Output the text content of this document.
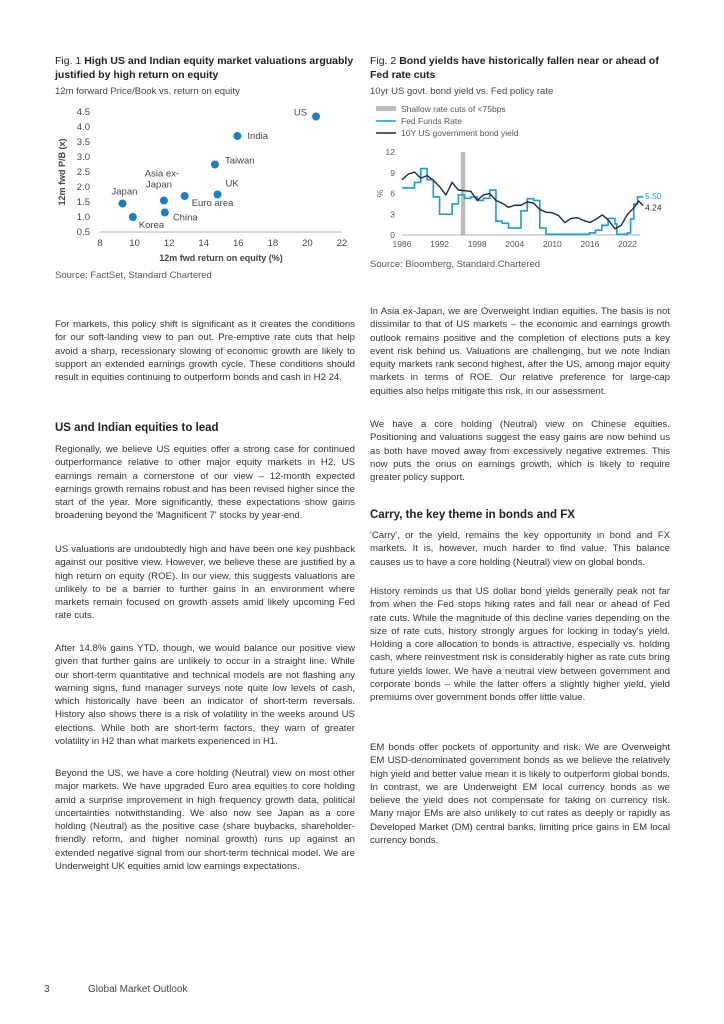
Fig. 1 High US and Indian equity market valuations arguably justified by high return on equity
12m forward Price/Book vs. return on equity
4.5
4.0
3.5
3.0
2.5
2.0
1.5
1.0
0.5
8	10	12	14	16	18	20	22
12m fwd return on equity (%)
12m fwd P/B (x)
US
India
Taiwan
Asia ex-Japan	UK
Japan
Euro area
Korea
China
Source: FactSet, Standard Chartered

For markets, this policy shift is significant as it creates the conditions for our soft-landing view to pan out. Pre-emptive rate cuts that help avoid a sharp, recessionary slowing of economic growth are likely to support an extended earnings growth cycle. These conditions should result in equities continuing to outperform bonds and cash in H2 24.

US and Indian equities to lead

Regionally, we believe US equities offer a strong case for continued outperformance relative to other major equity markets in H2. US earnings remain a cornerstone of our view – 12-month expected earnings growth remains robust and has been revised higher since the start of the year. More significantly, these expectations show gains broadening beyond the 'Magnificent 7' stocks by year-end.

US valuations are undoubtedly high and have been one key pushback against our positive view. However, we believe these are justified by a high return on equity (ROE). In our view, this suggests valuations are unlikely to be a barrier to further gains in an environment where markets remain focused on growth assets amid likely upcoming Fed rate cuts.

After 14.8% gains YTD, though, we would balance our positive view given that further gains are unlikely to occur in a straight line. While our short-term quantitative and technical models are not flashing any warning signs, fund manager surveys note quite low levels of cash, which historically have been an indicator of short-term reversals. History also shows there is a risk of volatility in the weeks around US elections. While both are short-term factors, they warn of greater volatility in H2 than what markets experienced in H1.

Beyond the US, we have a core holding (Neutral) view on most other major markets. We have upgraded Euro area equities to core holding amid a surprise improvement in high frequency growth data, political uncertainties notwithstanding. We also now see Japan as a core holding (Neutral) as the positive case (share buybacks, shareholder-friendly reform, and higher nominal growth) runs up against an extended negative signal from our short-term technical model. We are Underweight UK equities amid low earnings expectations.

Fig. 2 Bond yields have historically fallen near or ahead of Fed rate cuts
10yr US govt. bond yield vs. Fed policy rate
Shallow rate cuts of <75bps
Fed Funds Rate
10Y US government bond yield
12
9
6
3
0
1986 1992 1998 2004 2010 2016 2022
%	5.50
4.24
Source: Bloomberg, Standard Chartered

In Asia ex-Japan, we are Overweight Indian equities. The basis is not dissimilar to that of US markets – the economic and earnings growth outlook remains positive and the completion of elections puts a key event risk behind us. Valuations are challenging, but we note Indian equity markets rank second highest, after the US, among major equity markets in terms of ROE. Our relative preference for large-cap equities also helps mitigate this risk, in our assessment.

We have a core holding (Neutral) view on Chinese equities. Positioning and valuations suggest the easy gains are now behind us as both have moved away from excessively negative extremes. This now puts the onus on earnings growth, which is likely to require greater policy support.

Carry, the key theme in bonds and FX

'Carry', or the yield, remains the key opportunity in bond and FX markets. It is, however, much harder to find value. This balance causes us to have a core holding (Neutral) view on global bonds.

History reminds us that US dollar bond yields generally peak not far from when the Fed stops hiking rates and fall near or ahead of Fed rate cuts. While the magnitude of this decline varies depending on the size of rate cuts, history strongly argues for locking in today's yield. Holding a core allocation to bonds is attractive, especially vs. holding cash, where reinvestment risk is considerably higher as rate cuts bring future yields lower. We have a neutral view between government and corporate bonds – while the latter offers a slightly higher yield, yield premiums over government bonds offer little value.

EM bonds offer pockets of opportunity and risk. We are Overweight EM USD-denominated government bonds as we believe the relatively high yield and better value mean it is likely to outperform global bonds. In contrast, we are Underweight EM local currency bonds as we believe the yield does not compensate for taking on currency risk. Many major EMs are also unlikely to cut rates as deeply or rapidly as Developed Market (DM) central banks, limiting price gains in EM local currency bonds.

3	Global Market Outlook
